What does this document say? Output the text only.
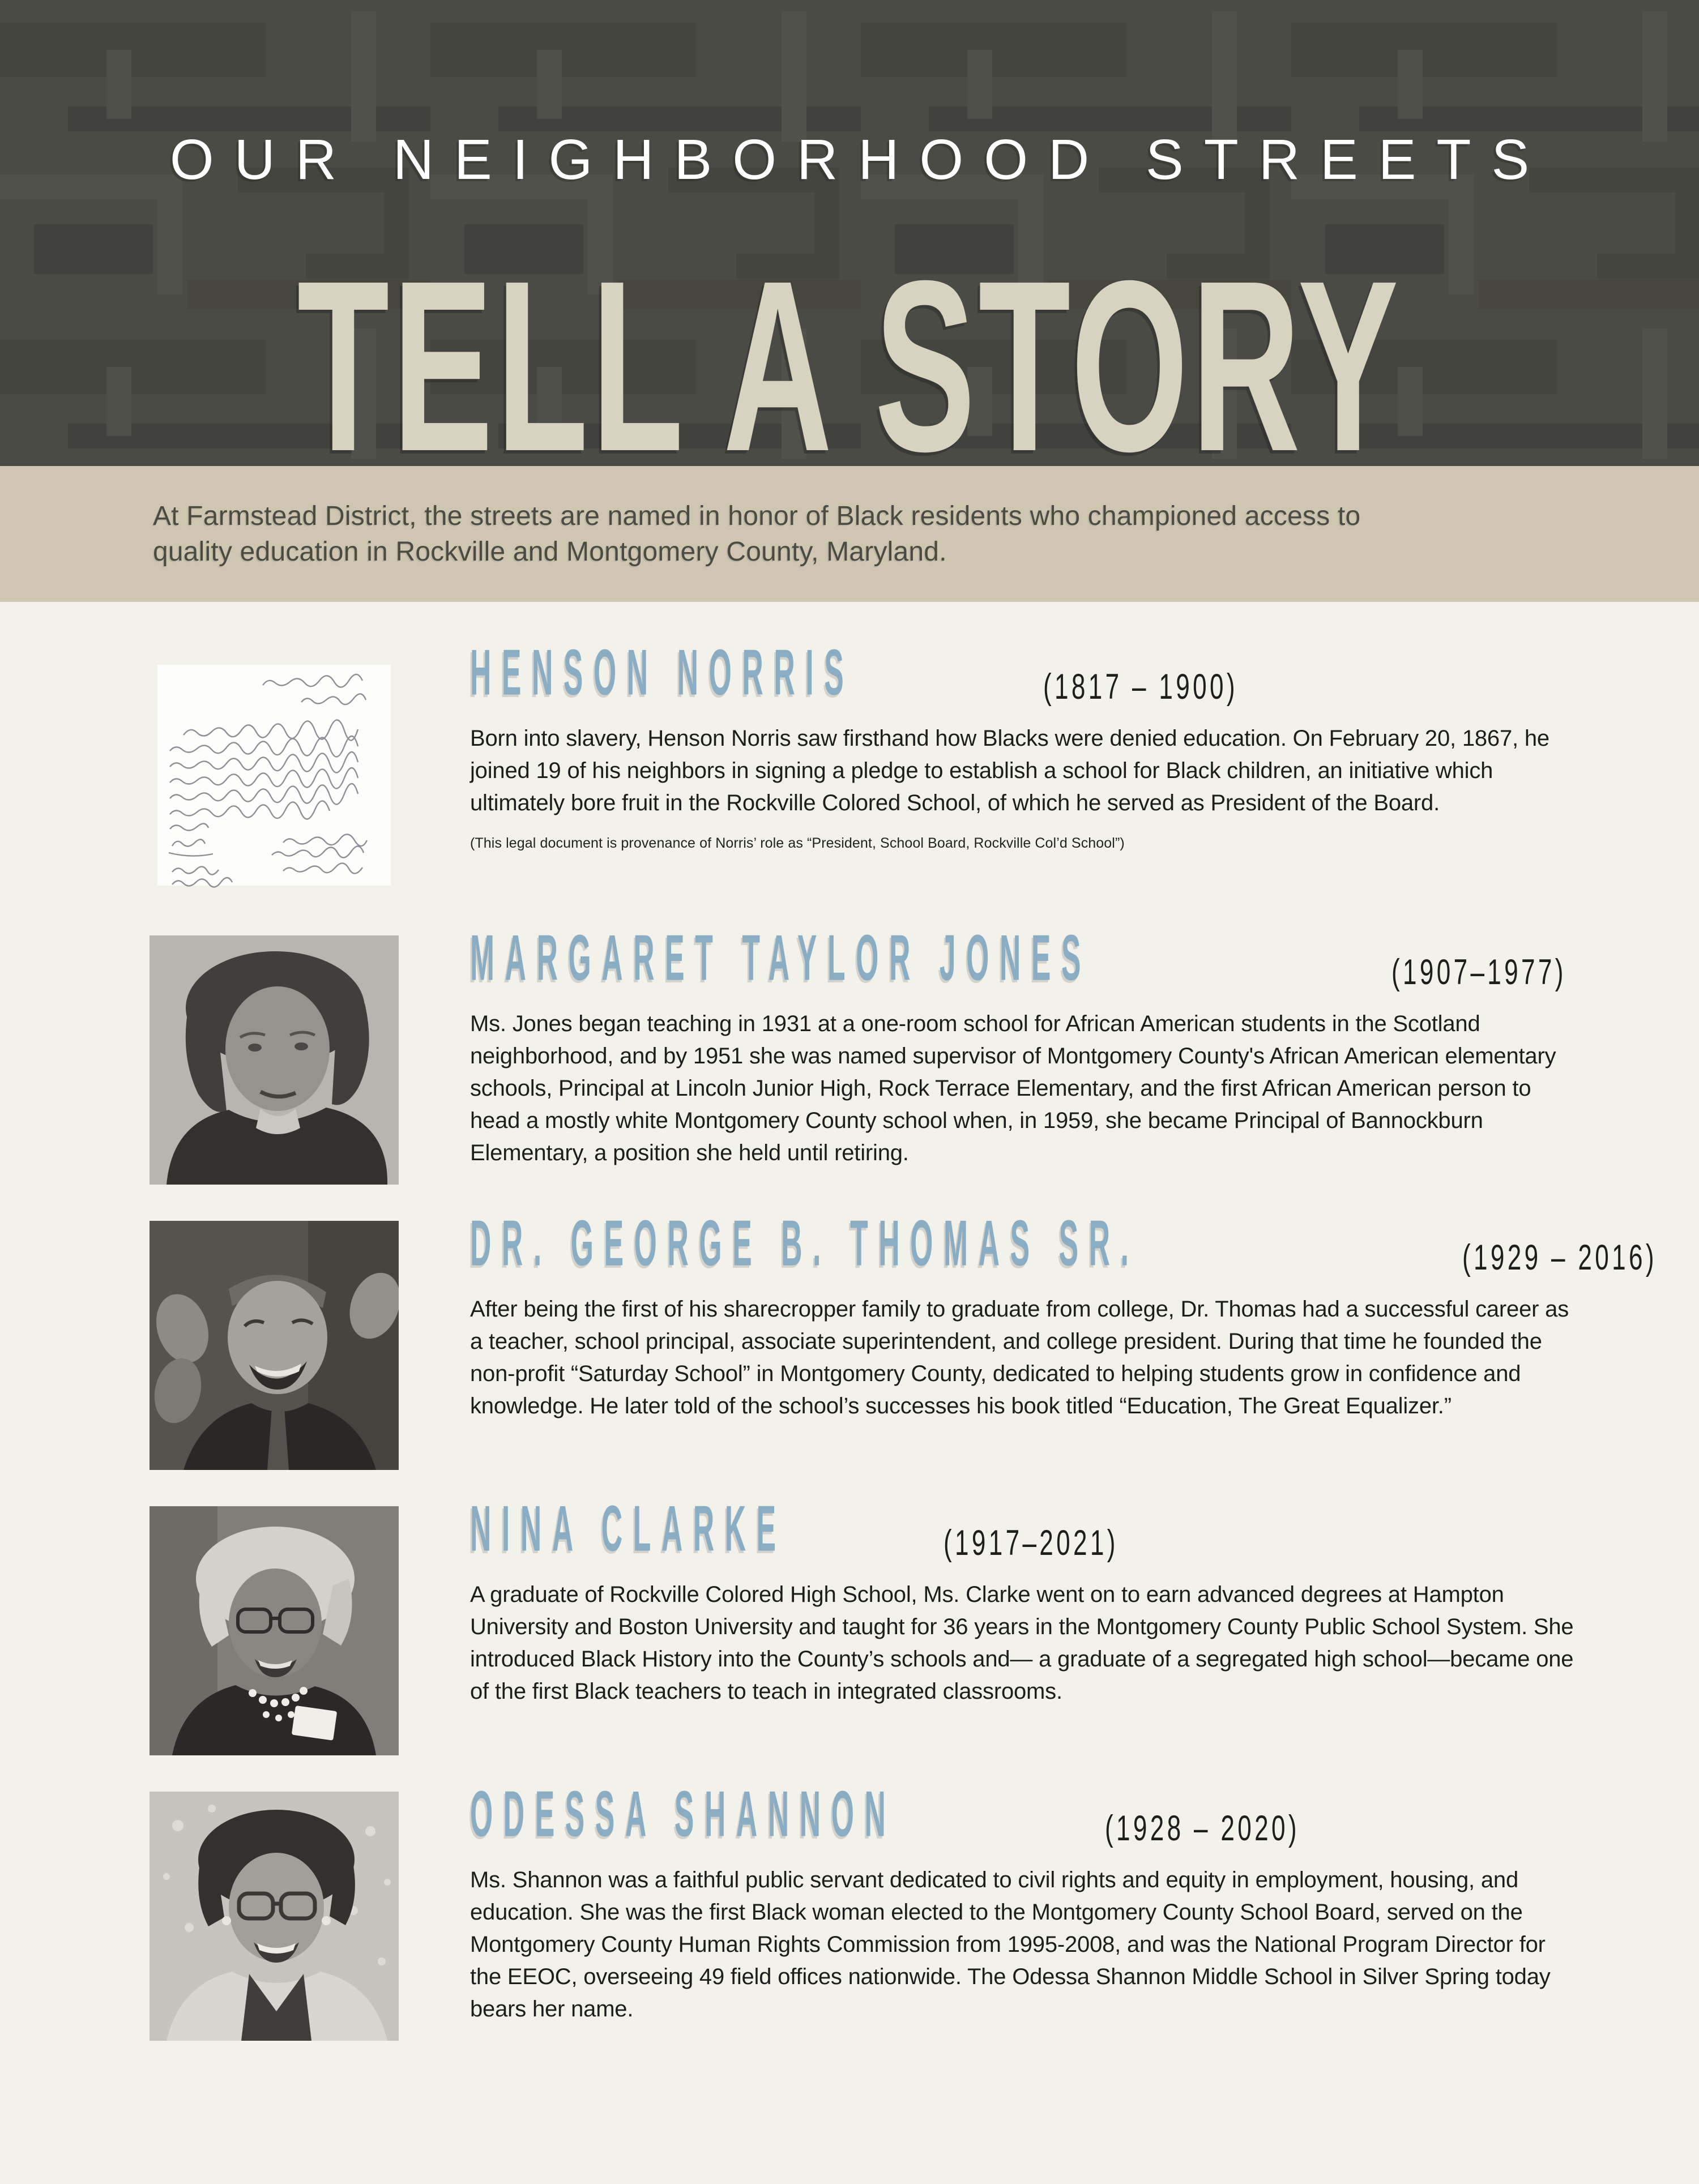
TELL A STORY

At Farmstead District, the streets are named in honor of Black residents who championed access to quality education in Rockville and Montgomery County, Maryland.

HENSON NORRIS	(1817 – 1900)

Born into slavery, Henson Norris saw firsthand how Blacks were denied education. On February 20, 1867, he joined 19 of his neighbors in signing a pledge to establish a school for Black children, an initiative which ultimately bore fruit in the Rockville Colored School, of which he served as President of the Board.

(This legal document is provenance of Norris’ role as “President, School Board, Rockville Col’d School”)

MARGARET TAYLOR JONES	(1907–1977)

Ms. Jones began teaching in 1931 at a one-room school for African American students in the Scotland neighborhood, and by 1951 she was named supervisor of Montgomery County's African American elementary schools, Principal at Lincoln Junior High, Rock Terrace Elementary, and the first African American person to head a mostly white Montgomery County school when, in 1959, she became Principal of Bannockburn Elementary, a position she held until retiring.

DR. GEORGE B. THOMAS SR.	(1929 – 2016)

After being the first of his sharecropper family to graduate from college, Dr. Thomas had a successful career as a teacher, school principal, associate superintendent, and college president. During that time he founded the non-profit “Saturday School” in Montgomery County, dedicated to helping students grow in confidence and knowledge. He later told of the school’s successes his book titled “Education, The Great Equalizer.”

NINA CLARKE	(1917–2021)

A graduate of Rockville Colored High School, Ms. Clarke went on to earn advanced degrees at Hampton University and Boston University and taught for 36 years in the Montgomery County Public School System. She introduced Black History into the County’s schools and— a graduate of a segregated high school—became one of the first Black teachers to teach in integrated classrooms.

ODESSA SHANNON	(1928 – 2020)

Ms. Shannon was a faithful public servant dedicated to civil rights and equity in employment, housing, and education. She was the first Black woman elected to the Montgomery County School Board, served on the Montgomery County Human Rights Commission from 1995-2008, and was the National Program Director for the EEOC, overseeing 49 field offices nationwide. The Odessa Shannon Middle School in Silver Spring today bears her name.
